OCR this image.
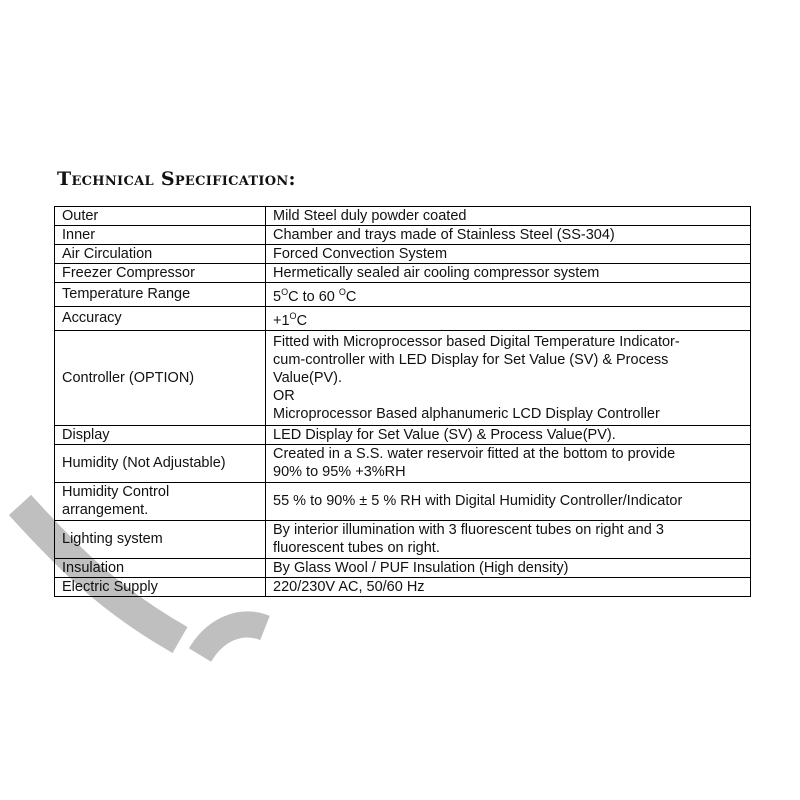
Technical Specification:
Outer	Mild Steel duly powder coated
Inner	Chamber and trays made of Stainless Steel (SS-304)
Air Circulation	Forced Convection System
Freezer Compressor	Hermetically sealed air cooling compressor system
Temperature Range	$5^OC$ to 60 $^O$C
Accuracy	$+1^OC$
Controller (OPTION)	Fitted with Microprocessor based Digital Temperature Indicator-
cum-controller with LED Display for Set Value (SV) & Process
Value(PV).
OR
Microprocessor Based alphanumeric LCD Display Controller

Display	LED Display for Set Value (SV) & Process Value(PV).
Humidity (Not Adjustable)	Created in a S.S. water reservoir fitted at the bottom to provide
90% to 95% +3%RH

Humidity Control
arrangement.	55 % to 90% ± 5 % RH with Digital Humidity Controller/Indicator
Lighting system	By interior illumination with 3 fluorescent tubes on right and 3
fluorescent tubes on right.

Insulation	By Glass Wool / PUF Insulation (High density)
Electric Supply	220/230V AC, 50/60 Hz
